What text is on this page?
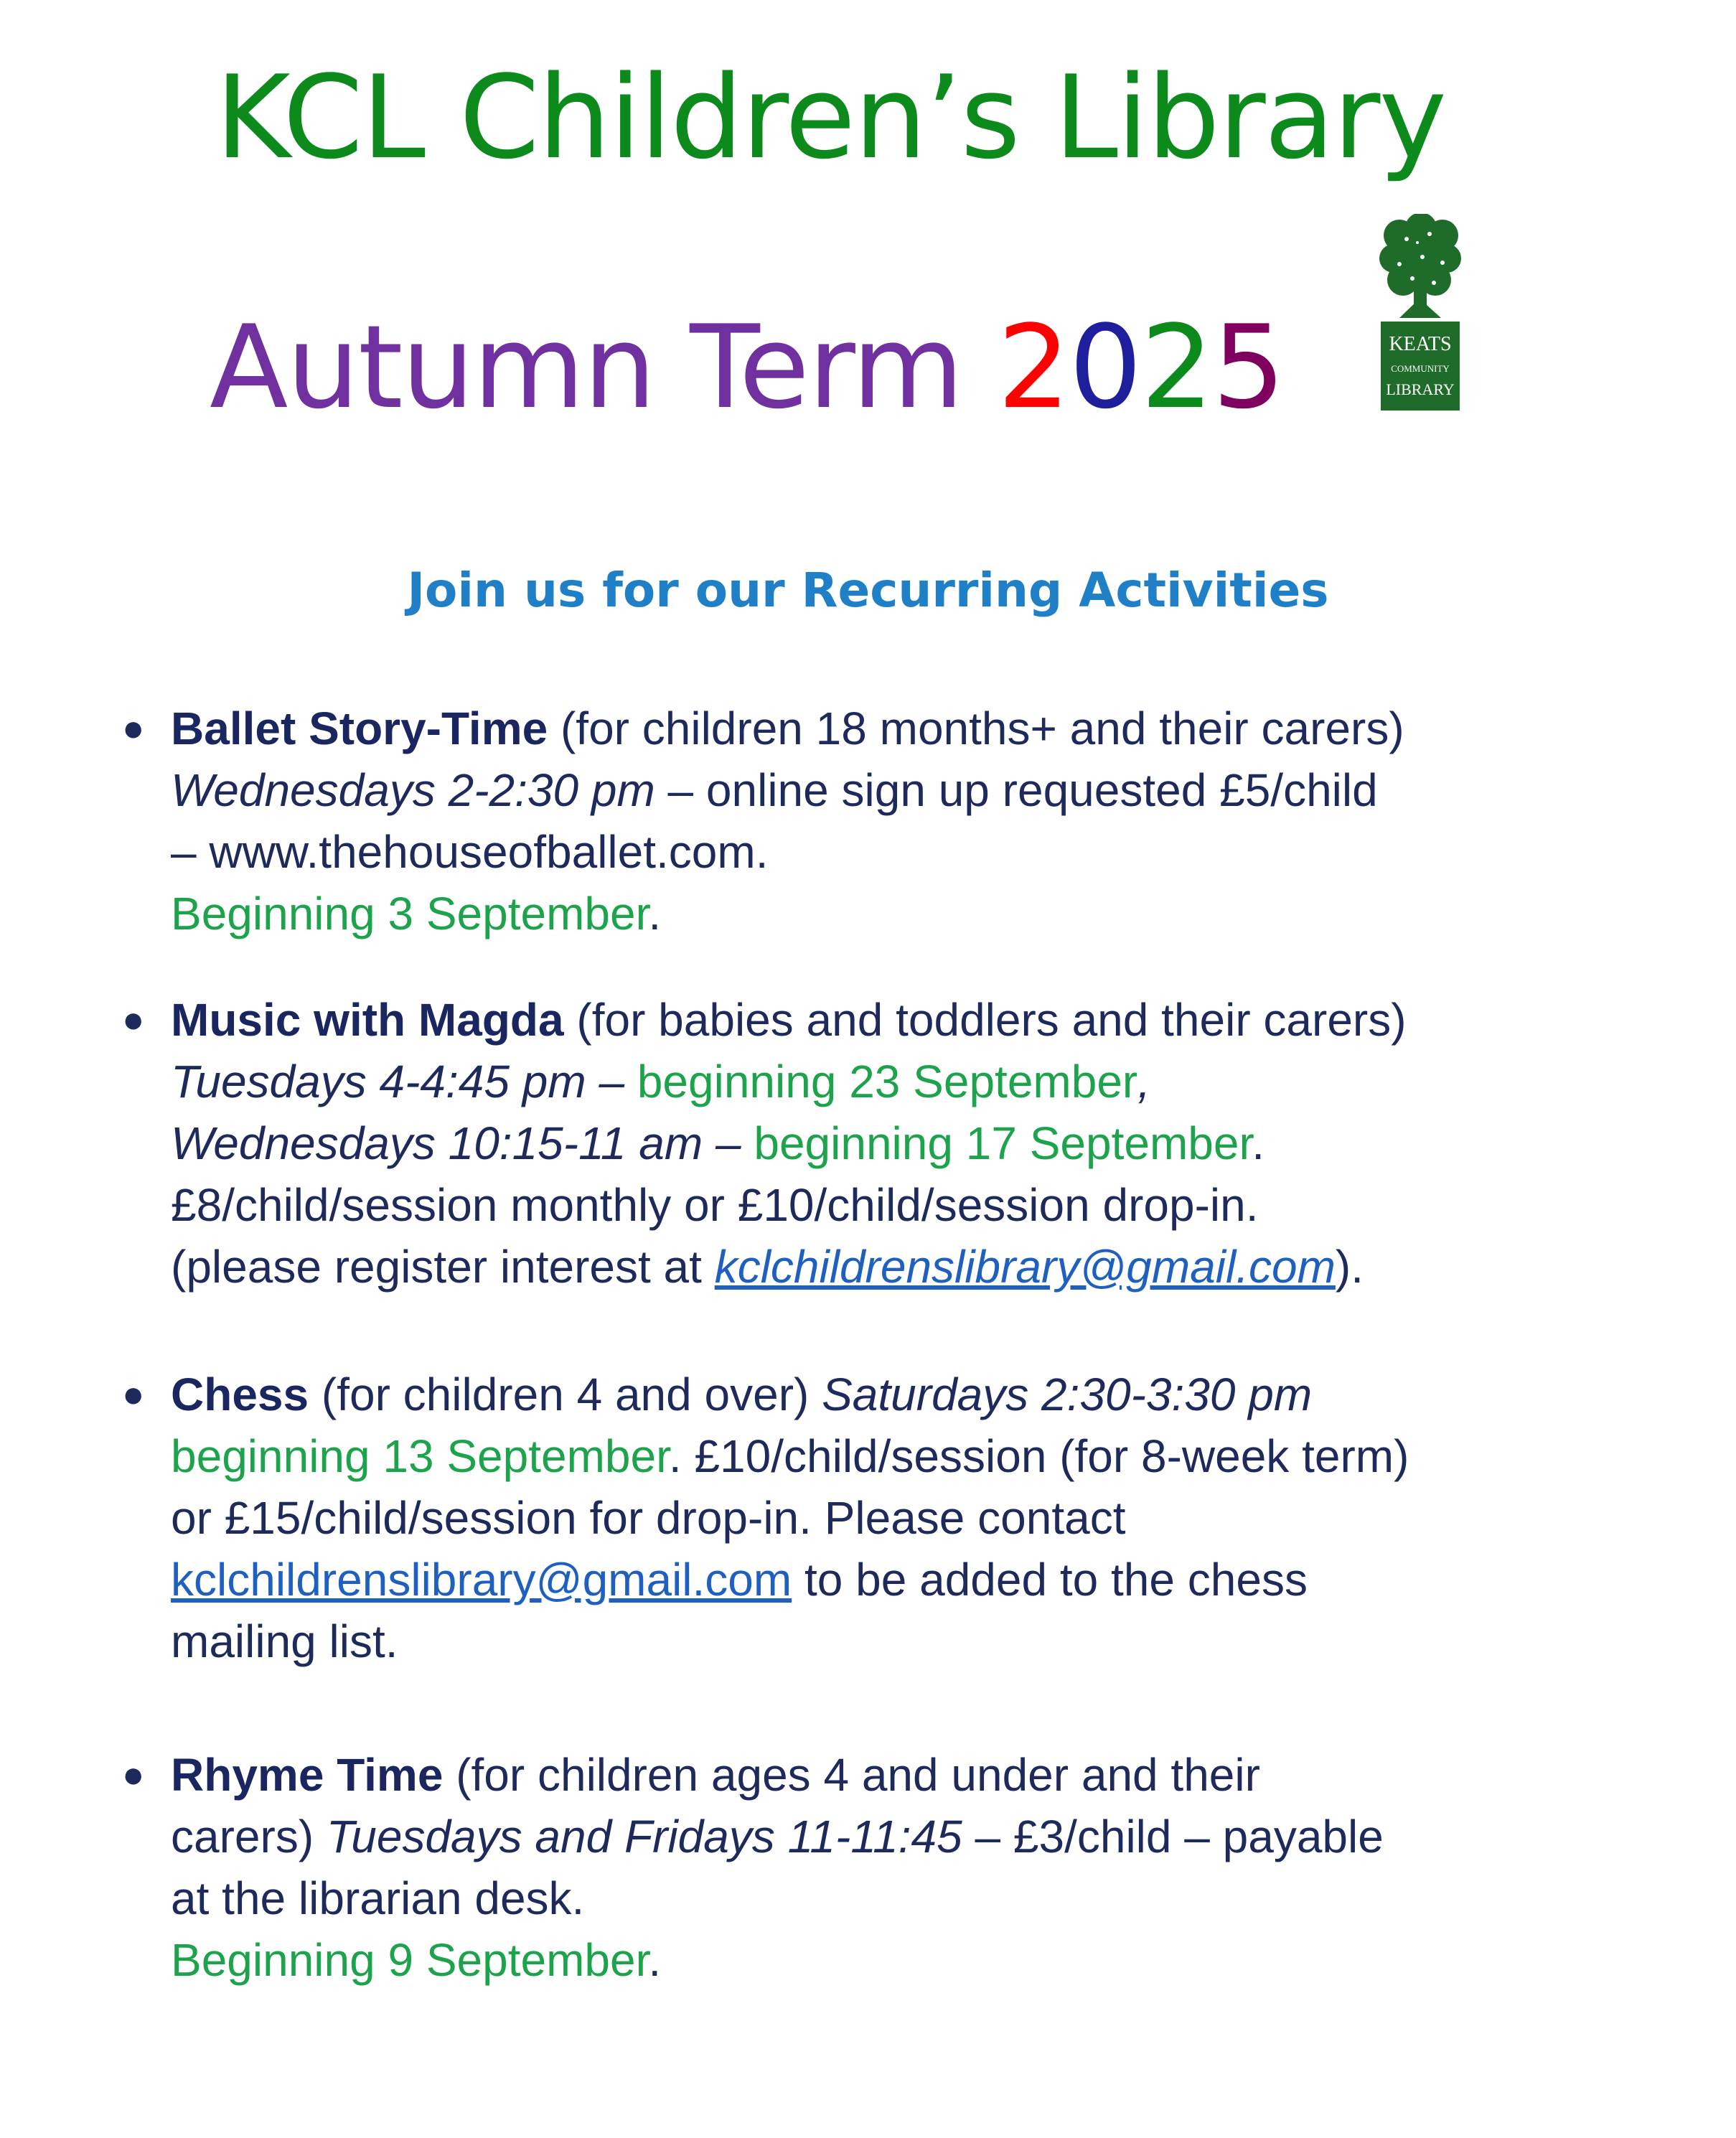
KCL Children’s Library
Autumn Term 2025	KEATS
COMMUNITY
LIBRARY
Join us for our Recurring Activities
● Ballet Story-Time (for children 18 months+ and their carers)
Wednesdays 2-2:30 pm – online sign up requested £5/child
– www.thehouseofballet.com.
Beginning 3 September.
● Music with Magda (for babies and toddlers and their carers)
Tuesdays 4-4:45 pm – beginning 23 September,
Wednesdays 10:15-11 am – beginning 17 September.
£8/child/session monthly or £10/child/session drop-in.
(please register interest at kclchildrenslibrary@gmail.com).
● Chess (for children 4 and over) Saturdays 2:30-3:30 pm
beginning 13 September. £10/child/session (for 8-week term)
or £15/child/session for drop-in. Please contact
kclchildrenslibrary@gmail.com to be added to the chess
mailing list.
● Rhyme Time (for children ages 4 and under and their
carers) Tuesdays and Fridays 11-11:45 – £3/child – payable
at the librarian desk.
Beginning 9 September.
